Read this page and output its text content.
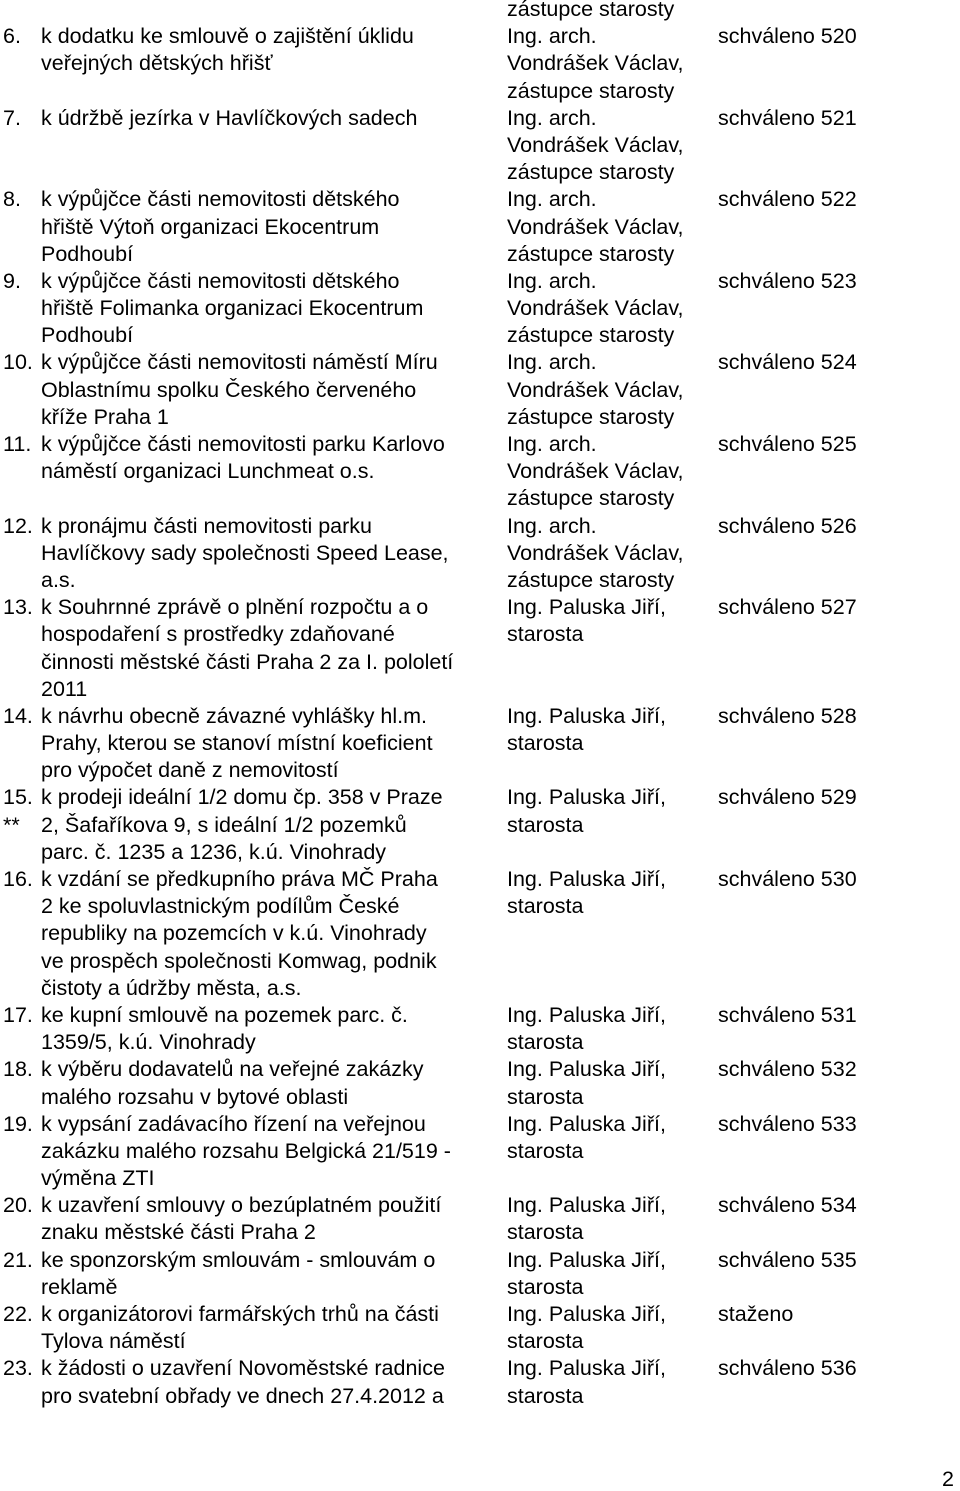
zástupce starosty
6. k dodatku ke smlouvě o zajištění úklidu	Ing. arch.	schváleno 520
veřejných dětských hřišť	Vondrášek Václav,
zástupce starosty
7. k údržbě jezírka v Havlíčkových sadech	Ing. arch.	schváleno 521
Vondrášek Václav,
zástupce starosty
8. k výpůjčce části nemovitosti dětského	Ing. arch.	schváleno 522
hřiště Výtoň organizaci Ekocentrum	Vondrášek Václav,
Podhoubí	zástupce starosty
9. k výpůjčce části nemovitosti dětského	Ing. arch.	schváleno 523
hřiště Folimanka organizaci Ekocentrum	Vondrášek Václav,
Podhoubí	zástupce starosty
10. k výpůjčce části nemovitosti náměstí Míru	Ing. arch.	schváleno 524
Oblastnímu spolku Českého červeného	Vondrášek Václav,
kříže Praha 1	zástupce starosty
11. k výpůjčce části nemovitosti parku Karlovo	Ing. arch.	schváleno 525
náměstí organizaci Lunchmeat o.s.	Vondrášek Václav,
zástupce starosty
12. k pronájmu části nemovitosti parku	Ing. arch.	schváleno 526
Havlíčkovy sady společnosti Speed Lease,	Vondrášek Václav,
a.s.	zástupce starosty
13. k Souhrnné zprávě o plnění rozpočtu a o	Ing. Paluska Jiří, schváleno 527
hospodaření s prostředky zdaňované	starosta
činnosti městské části Praha 2 za I. pololetí
2011
14. k návrhu obecně závazné vyhlášky hl.m.	Ing. Paluska Jiří, schváleno 528
Prahy, kterou se stanoví místní koeficient	starosta
pro výpočet daně z nemovitostí
15. k prodeji ideální 1/2 domu čp. 358 v Praze	Ing. Paluska Jiří, schváleno 529
** 2, Šafaříkova 9, s ideální 1/2 pozemků	starosta
parc. č. 1235 a 1236, k.ú. Vinohrady
16. k vzdání se předkupního práva MČ Praha	Ing. Paluska Jiří, schváleno 530
2 ke spoluvlastnickým podílům České	starosta
republiky na pozemcích v k.ú. Vinohrady
ve prospěch společnosti Komwag, podnik
čistoty a údržby města, a.s.
17. ke kupní smlouvě na pozemek parc. č.	Ing. Paluska Jiří, schváleno 531
1359/5, k.ú. Vinohrady	starosta
18. k výběru dodavatelů na veřejné zakázky	Ing. Paluska Jiří, schváleno 532
malého rozsahu v bytové oblasti	starosta
19. k vypsání zadávacího řízení na veřejnou	Ing. Paluska Jiří, schváleno 533
zakázku malého rozsahu Belgická 21/519 -	starosta
výměna ZTI
20. k uzavření smlouvy o bezúplatném použití	Ing. Paluska Jiří, schváleno 534
znaku městské části Praha 2	starosta
21. ke sponzorským smlouvám - smlouvám o	Ing. Paluska Jiří, schváleno 535
reklamě	starosta
22. k organizátorovi farmářských trhů na části	Ing. Paluska Jiří, staženo
Tylova náměstí	starosta
23. k žádosti o uzavření Novoměstské radnice	Ing. Paluska Jiří, schváleno 536
pro svatební obřady ve dnech 27.4.2012 a	starosta
2
